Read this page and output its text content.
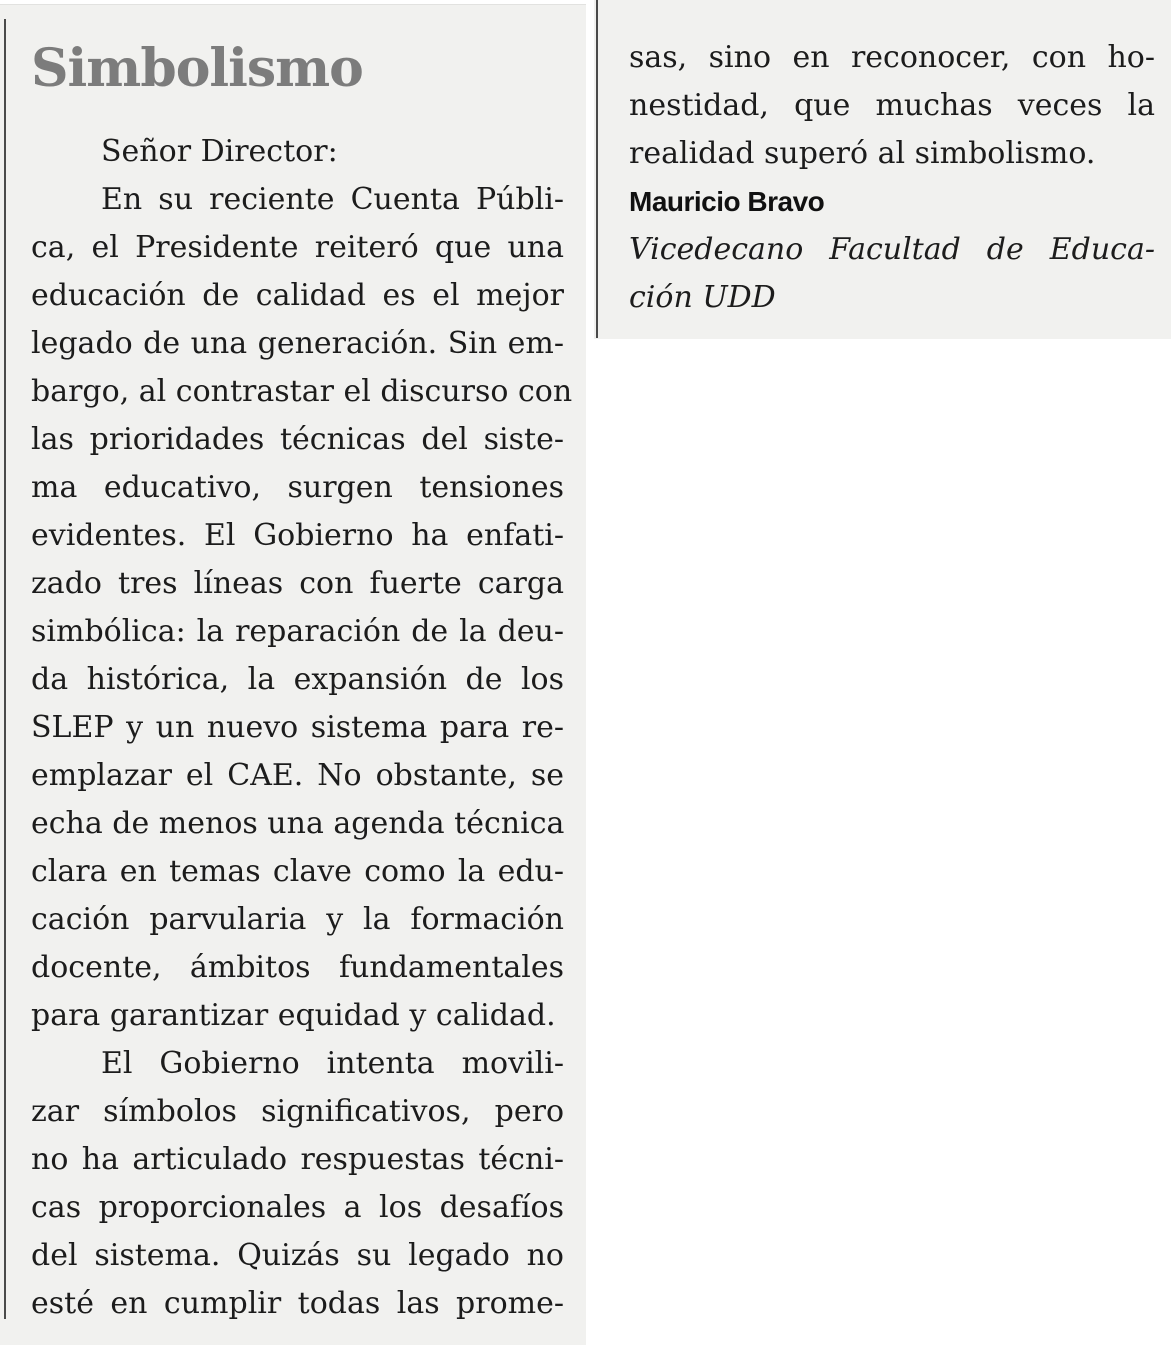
Simbolismo
Señor Director:
En su reciente Cuenta Públi-
ca, el Presidente reiteró que una
educación de calidad es el mejor
legado de una generación. Sin em-
bargo, al contrastar el discurso con
las prioridades técnicas del siste-
ma educativo, surgen tensiones
evidentes. El Gobierno ha enfati-
zado tres líneas con fuerte carga
simbólica: la reparación de la deu-
da histórica, la expansión de los
SLEP y un nuevo sistema para re-
emplazar el CAE. No obstante, se
echa de menos una agenda técnica
clara en temas clave como la edu-
cación parvularia y la formación
docente, ámbitos fundamentales
para garantizar equidad y calidad.
El Gobierno intenta movili-
zar símbolos significativos, pero
no ha articulado respuestas técni-
cas proporcionales a los desafíos
del sistema. Quizás su legado no
esté en cumplir todas las prome-
sas, sino en reconocer, con ho-
nestidad, que muchas veces la
realidad superó al simbolismo.
Mauricio Bravo
Vicedecano Facultad de Educa-
ción UDD
